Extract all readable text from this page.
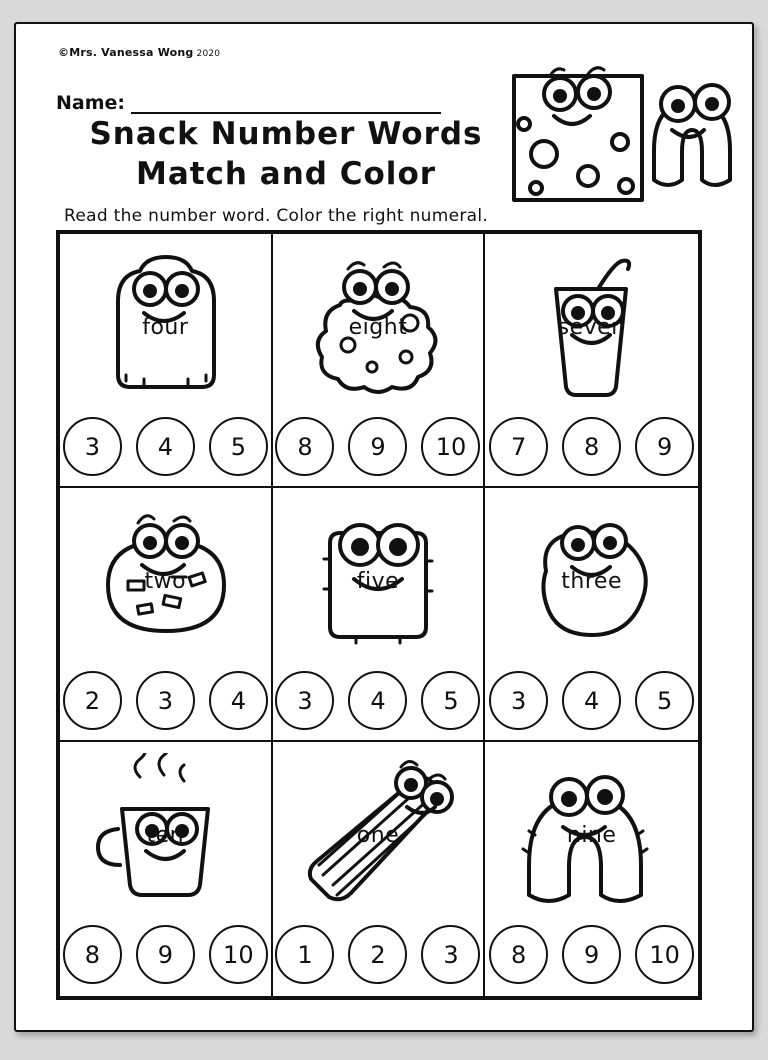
©Mrs. Vanessa Wong 2020
Name:
Snack Number Words
Match and Color
Read the number word. Color the right numeral.
four
3	4	5
eight
8	9	10
seven
7	8	9
two
2	3	4
five
3	4	5
three
3	4	5
ten
8	9	10
one
1	2	3
nine
8	9	10
